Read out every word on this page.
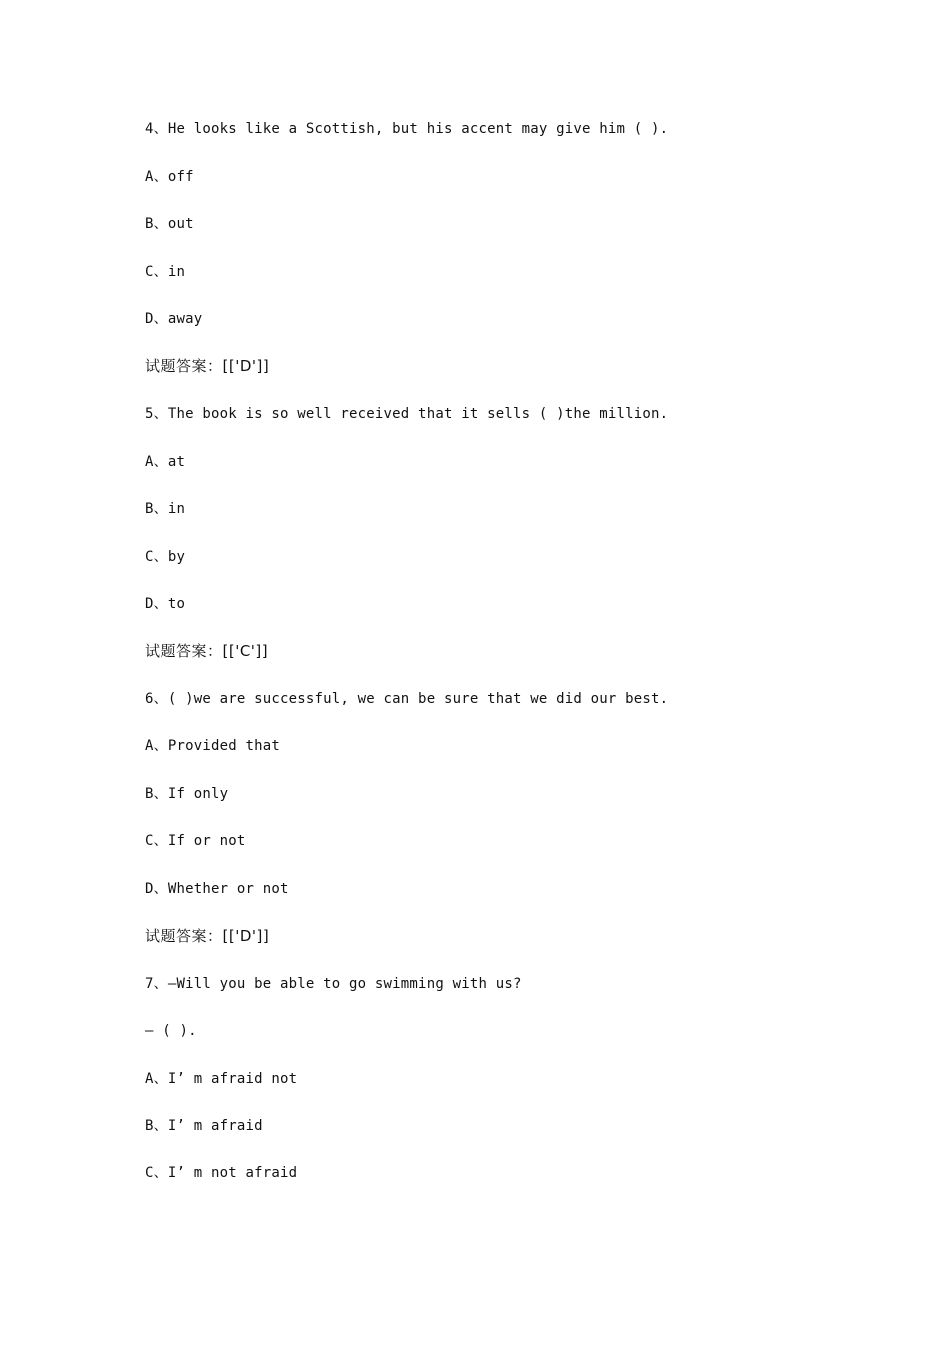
4、He looks like a Scottish, but his accent may give him ( ).
A、off
B、out
C、in
D、away
试题答案：[['D']]
5、The book is so well received that it sells ( )the million.
A、at
B、in
C、by
D、to
试题答案：[['C']]
6、( )we are successful, we can be sure that we did our best.
A、Provided that
B、If only
C、If or not
D、Whether or not
试题答案：[['D']]
7、—Will you be able to go swimming with us?
— ( ).
A、I’ m afraid not
B、I’ m afraid
C、I’ m not afraid
